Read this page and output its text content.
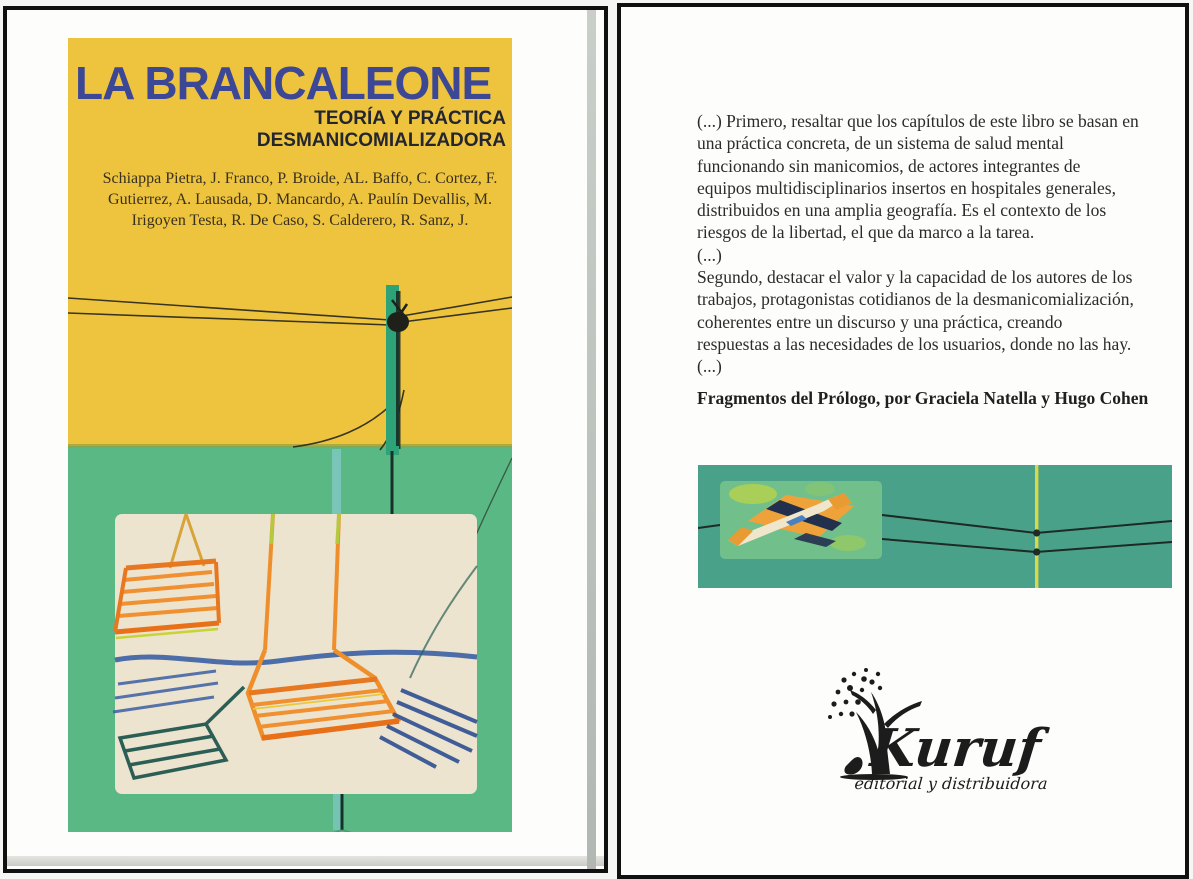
LA BRANCALEONE
TEORÍA Y PRÁCTICA
DESMANICOMIALIZADORA
Schiappa Pietra, J. Franco, P. Broide, AL. Baffo, C. Cortez, F.
Gutierrez, A. Lausada, D. Mancardo, A. Paulín Devallis, M.
Irigoyen Testa, R. De Caso, S. Calderero, R. Sanz, J.
(...) Primero, resaltar que los capítulos de este libro se basan en
una práctica concreta, de un sistema de salud mental
funcionando sin manicomios, de actores integrantes de
equipos multidisciplinarios insertos en hospitales generales,
distribuidos en una amplia geografía. Es el contexto de los
riesgos de la libertad, el que da marco a la tarea.
(...)
Segundo, destacar el valor y la capacidad de los autores de los
trabajos, protagonistas cotidianos de la desmanicomialización,
coherentes entre un discurso y una práctica, creando
respuestas a las necesidades de los usuarios, donde no las hay.
(...)
Fragmentos del Prólogo, por Graciela Natella y Hugo Cohen
Kuruf
editorial y distribuidora
